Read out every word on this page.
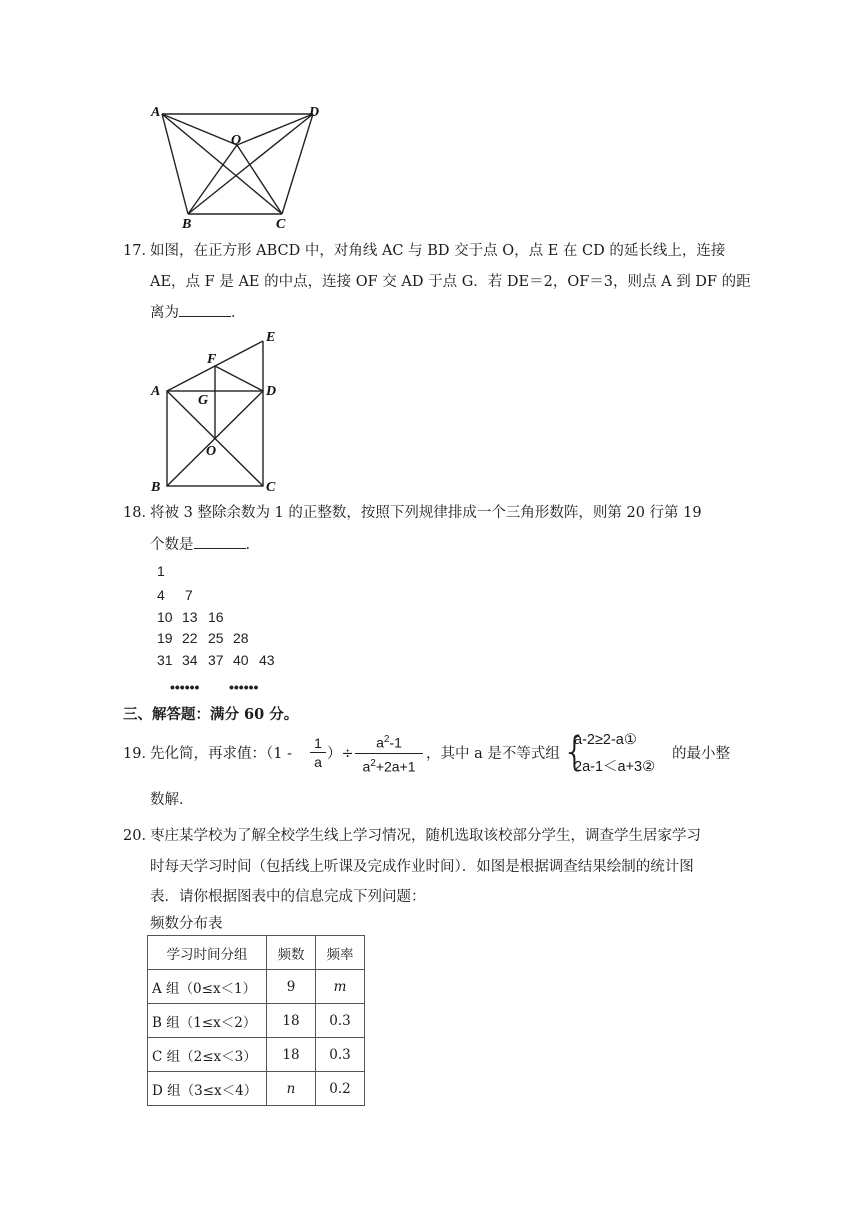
A	D
O
B	C
17．
如图，在正方形 ABCD 中，对角线 AC 与 BD 交于点 O，点 E 在 CD 的延长线上，连接
AE，点 F 是 AE 的中点，连接 OF 交 AD 于点 G．若 DE＝2，OF＝3，则点 A 到 DF 的距
离为	．
E
F
A
G
D
O
B	C
18．
将被 3 整除余数为 1 的正整数，按照下列规律排成一个三角形数阵，则第 20 行第 19
个数是	．
1
4 7
10 13 16
19 22 25 28
31 34 37 40 43
•••••• ••••••
三、解答题：满分 60 分。
19．
先化简，再求值：（$1 - \frac{1}{a}$ ）÷ $\frac{a^2-1}{a^2+2a+1}$ ，其中 a 是不等式组 {
a-2≥2-a①
2a-1＜a+3②
的最小整
数解．
20．
枣庄某学校为了解全校学生线上学习情况，随机选取该校部分学生，调查学生居家学习
时每天学习时间（包括线上听课及完成作业时间）．如图是根据调查结果绘制的统计图
表．请你根据图表中的信息完成下列问题：
频数分布表
学习时间分组	频数	频率
A 组（0≤x＜1）	9	m
B 组（1≤x＜2）	18	0.3
C 组（2≤x＜3）	18	0.3
D 组（3≤x＜4）	n	0.2
